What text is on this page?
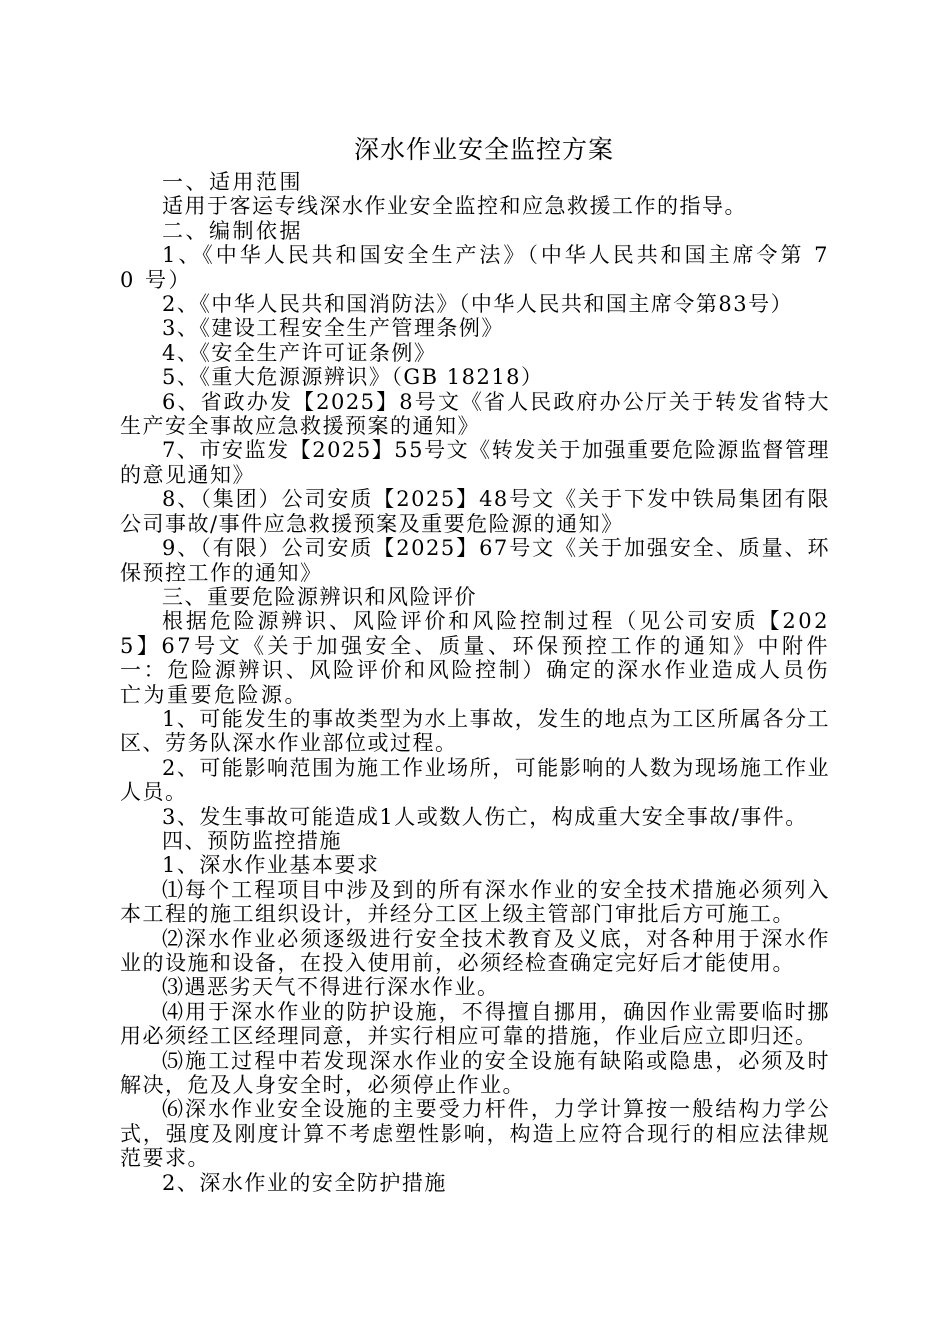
深水作业安全监控方案

一、适用范围

适用于客运专线深水作业安全监控和应急救援工作的指导。

二、编制依据

1、《中华人民共和国安全生产法》（中华人民共和国主席令第 70 号）

2、《中华人民共和国消防法》（中华人民共和国主席令第83号）

3、《建设工程安全生产管理条例》

4、《安全生产许可证条例》

5、《重大危源源辨识》（GB 18218）

6、省政办发【2025】8号文《省人民政府办公厅关于转发省特大生产安全事故应急救援预案的通知》

7、市安监发【2025】55号文《转发关于加强重要危险源监督管理的意见通知》

8、（集团）公司安质【2025】48号文《关于下发中铁局集团有限公司事故/事件应急救援预案及重要危险源的通知》

9、（有限）公司安质【2025】67号文《关于加强安全、质量、环保预控工作的通知》

三、重要危险源辨识和风险评价

根据危险源辨识、风险评价和风险控制过程（见公司安质【2025】67号文《关于加强安全、质量、环保预控工作的通知》中附件一：危险源辨识、风险评价和风险控制）确定的深水作业造成人员伤亡为重要危险源。

1、可能发生的事故类型为水上事故，发生的地点为工区所属各分工区、劳务队深水作业部位或过程。

2、可能影响范围为施工作业场所，可能影响的人数为现场施工作业人员。

3、发生事故可能造成1人或数人伤亡，构成重大安全事故/事件。

四、预防监控措施

1、深水作业基本要求

⑴每个工程项目中涉及到的所有深水作业的安全技术措施必须列入本工程的施工组织设计，并经分工区上级主管部门审批后方可施工。

⑵深水作业必须逐级进行安全技术教育及义底，对各种用于深水作业的设施和设备，在投入使用前，必须经检查确定完好后才能使用。

⑶遇恶劣天气不得进行深水作业。

⑷用于深水作业的防护设施，不得擅自挪用，确因作业需要临时挪用必须经工区经理同意，并实行相应可靠的措施，作业后应立即归还。

⑸施工过程中若发现深水作业的安全设施有缺陷或隐患，必须及时解决，危及人身安全时，必须停止作业。

⑹深水作业安全设施的主要受力杆件，力学计算按一般结构力学公式，强度及刚度计算不考虑塑性影响，构造上应符合现行的相应法律规范要求。

2、深水作业的安全防护措施
